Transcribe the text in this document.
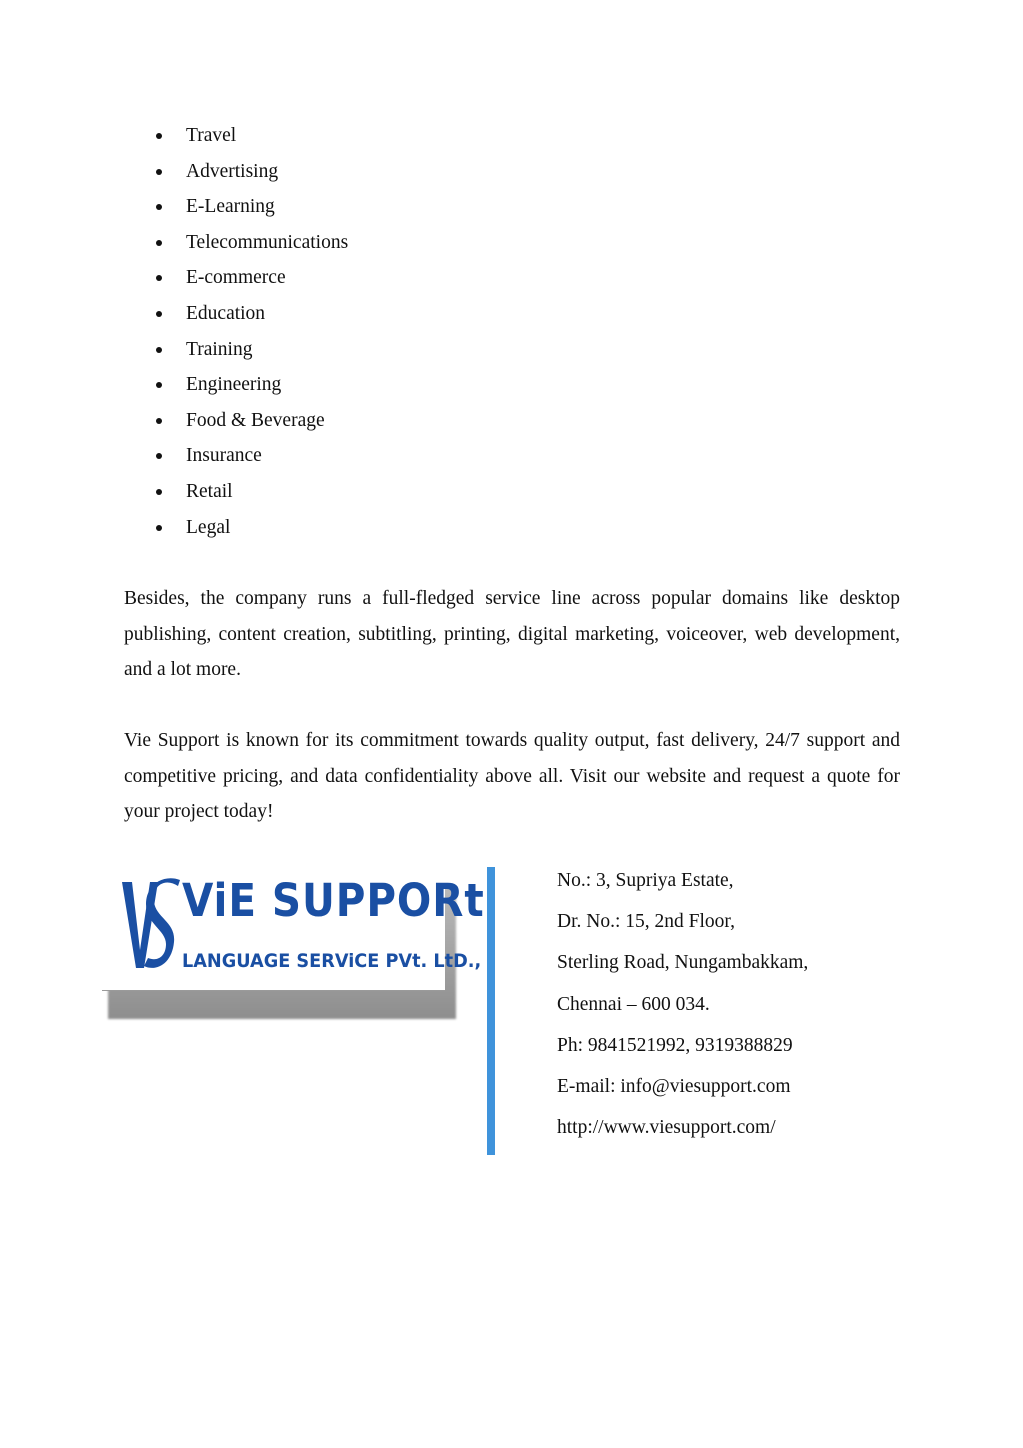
Travel
Advertising
E-Learning
Telecommunications
E-commerce
Education
Training
Engineering
Food & Beverage
Insurance
Retail
Legal

Besides, the company runs a full-fledged service line across popular domains like desktop publishing, content creation, subtitling, printing, digital marketing, voiceover, web development, and a lot more.

Vie Support is known for its commitment towards quality output, fast delivery, 24/7 support and competitive pricing, and data confidentiality above all. Visit our website and request a quote for your project today!

ViE SUPPORt
LANGUAGE SERViCE PVt. LtD.,
No.: 3, Supriya Estate,
Dr. No.: 15, 2nd Floor,
Sterling Road, Nungambakkam,
Chennai – 600 034.
Ph: 9841521992, 9319388829
E-mail: info@viesupport.com
http://www.viesupport.com/
